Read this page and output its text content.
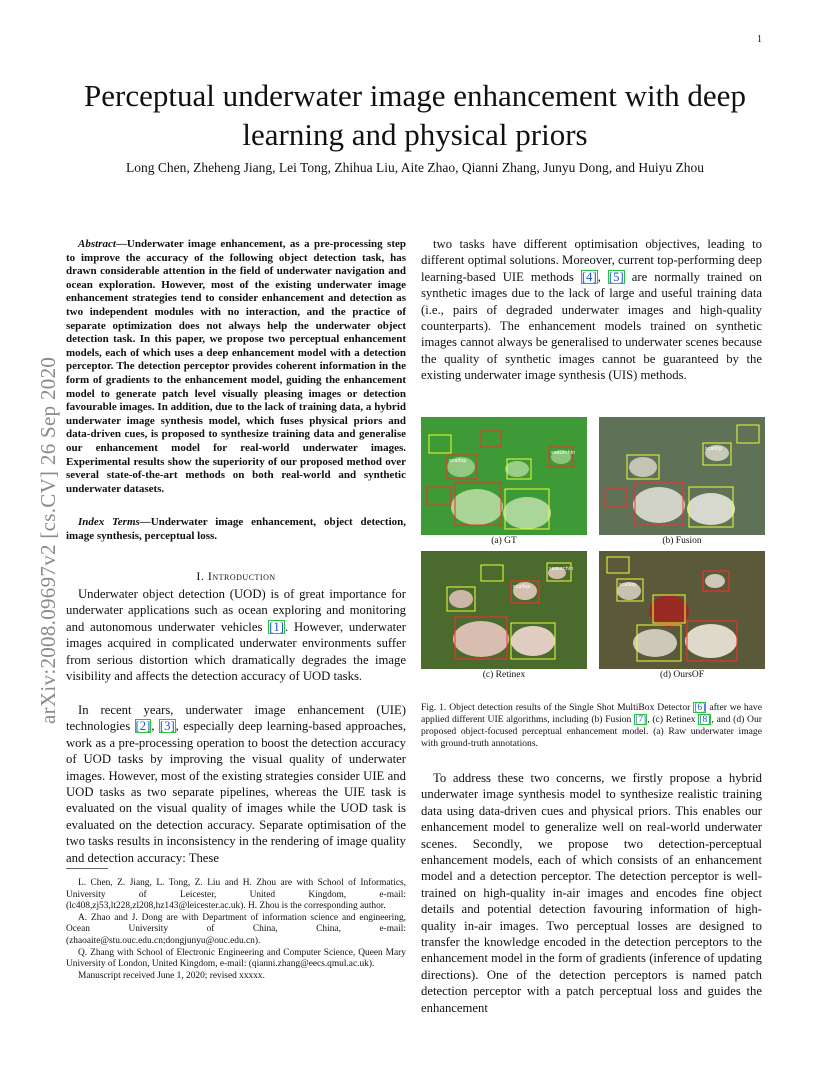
1
arXiv:2008.09697v2 [cs.CV] 26 Sep 2020
Perceptual underwater image enhancement with deep learning and physical priors
Long Chen, Zheheng Jiang, Lei Tong, Zhihua Liu, Aite Zhao, Qianni Zhang, Junyu Dong, and Huiyu Zhou
Abstract—Underwater image enhancement, as a pre-processing step to improve the accuracy of the following object detection task, has drawn considerable attention in the field of underwater navigation and ocean exploration. However, most of the existing underwater image enhancement strategies tend to consider enhancement and detection as two independent modules with no interaction, and the practice of separate optimization does not always help the underwater object detection task. In this paper, we propose two perceptual enhancement models, each of which uses a deep enhancement model with a detection perceptor. The detection perceptor provides coherent information in the form of gradients to the enhancement model, guiding the enhancement model to generate patch level visually pleasing images or detection favourable images. In addition, due to the lack of training data, a hybrid underwater image synthesis model, which fuses physical priors and data-driven cues, is proposed to synthesize training data and generalise our enhancement model for real-world underwater images. Experimental results show the superiority of our proposed method over several state-of-the-art methods on both real-world and synthetic underwater datasets.
Index Terms—Underwater image enhancement, object detection, image synthesis, perceptual loss.
I. Introduction
Underwater object detection (UOD) is of great importance for underwater applications such as ocean exploring and monitoring and autonomous underwater vehicles [1]. However, underwater images acquired in complicated underwater environments suffer from serious distortion which dramatically degrades the image visibility and affects the detection accuracy of UOD tasks.
In recent years, underwater image enhancement (UIE) technologies [2], [3], especially deep learning-based approaches, work as a pre-processing operation to boost the detection accuracy of UOD tasks by improving the visual quality of underwater images. However, most of the existing strategies consider UIE and UOD tasks as two separate pipelines, whereas the UIE task is evaluated on the visual quality of images while the UOD task is evaluated on the detection accuracy. Separate optimisation of the two tasks results in inconsistency in the rendering of image quality and detection accuracy: These
L. Chen, Z. Jiang, L. Tong, Z. Liu and H. Zhou are with School of Informatics, University of Leicester, United Kingdom, e-mail: (lc408,zj53,lt228,zl208,hz143@leicester.ac.uk). H. Zhou is the corresponding author.
A. Zhao and J. Dong are with Department of information science and engineering, Ocean University of China, China, e-mail: (zhaoaite@stu.ouc.edu.cn;dongjunyu@ouc.edu.cn).
Q. Zhang with School of Electronic Engineering and Computer Science, Queen Mary University of London, United Kingdom, e-mail: (qianni.zhang@eecs.qmul.ac.uk).
Manuscript received June 1, 2020; revised xxxxx.
two tasks have different optimisation objectives, leading to different optimal solutions. Moreover, current top-performing deep learning-based UIE methods [4], [5] are normally trained on synthetic images due to the lack of large and useful training data (i.e., pairs of degraded underwater images and high-quality counterparts). The enhancement models trained on synthetic images cannot always be generalised to underwater scenes because the quality of synthetic images cannot be guaranteed by the existing underwater image synthesis (UIS) methods.
scallop
seaurchin
(a) GT
scallop
(b) Fusion
scallop
seaurchin
(c) Retinex
scallop
(d) OursOF
Fig. 1. Object detection results of the Single Shot MultiBox Detector [6] after we have applied different UIE algorithms, including (b) Fusion [7], (c) Retinex [8], and (d) Our proposed object-focused perceptual enhancement model. (a) Raw underwater image with ground-truth annotations.
To address these two concerns, we firstly propose a hybrid underwater image synthesis model to synthesize realistic training data using data-driven cues and physical priors. This enables our enhancement model to generalize well on real-world underwater scenes. Secondly, we propose two detection-perceptual enhancement models, each of which consists of an enhancement model and a detection perceptor. The detection perceptor is well-trained on high-quality in-air images and encodes fine object details and potential detection favouring information of high-quality in-air images. Two perceptual losses are designed to transfer the knowledge encoded in the detection perceptors to the enhancement model in the form of gradients (inference of updating directions). One of the detection perceptors is named patch detection perceptor with a patch perceptual loss and guides the enhancement
